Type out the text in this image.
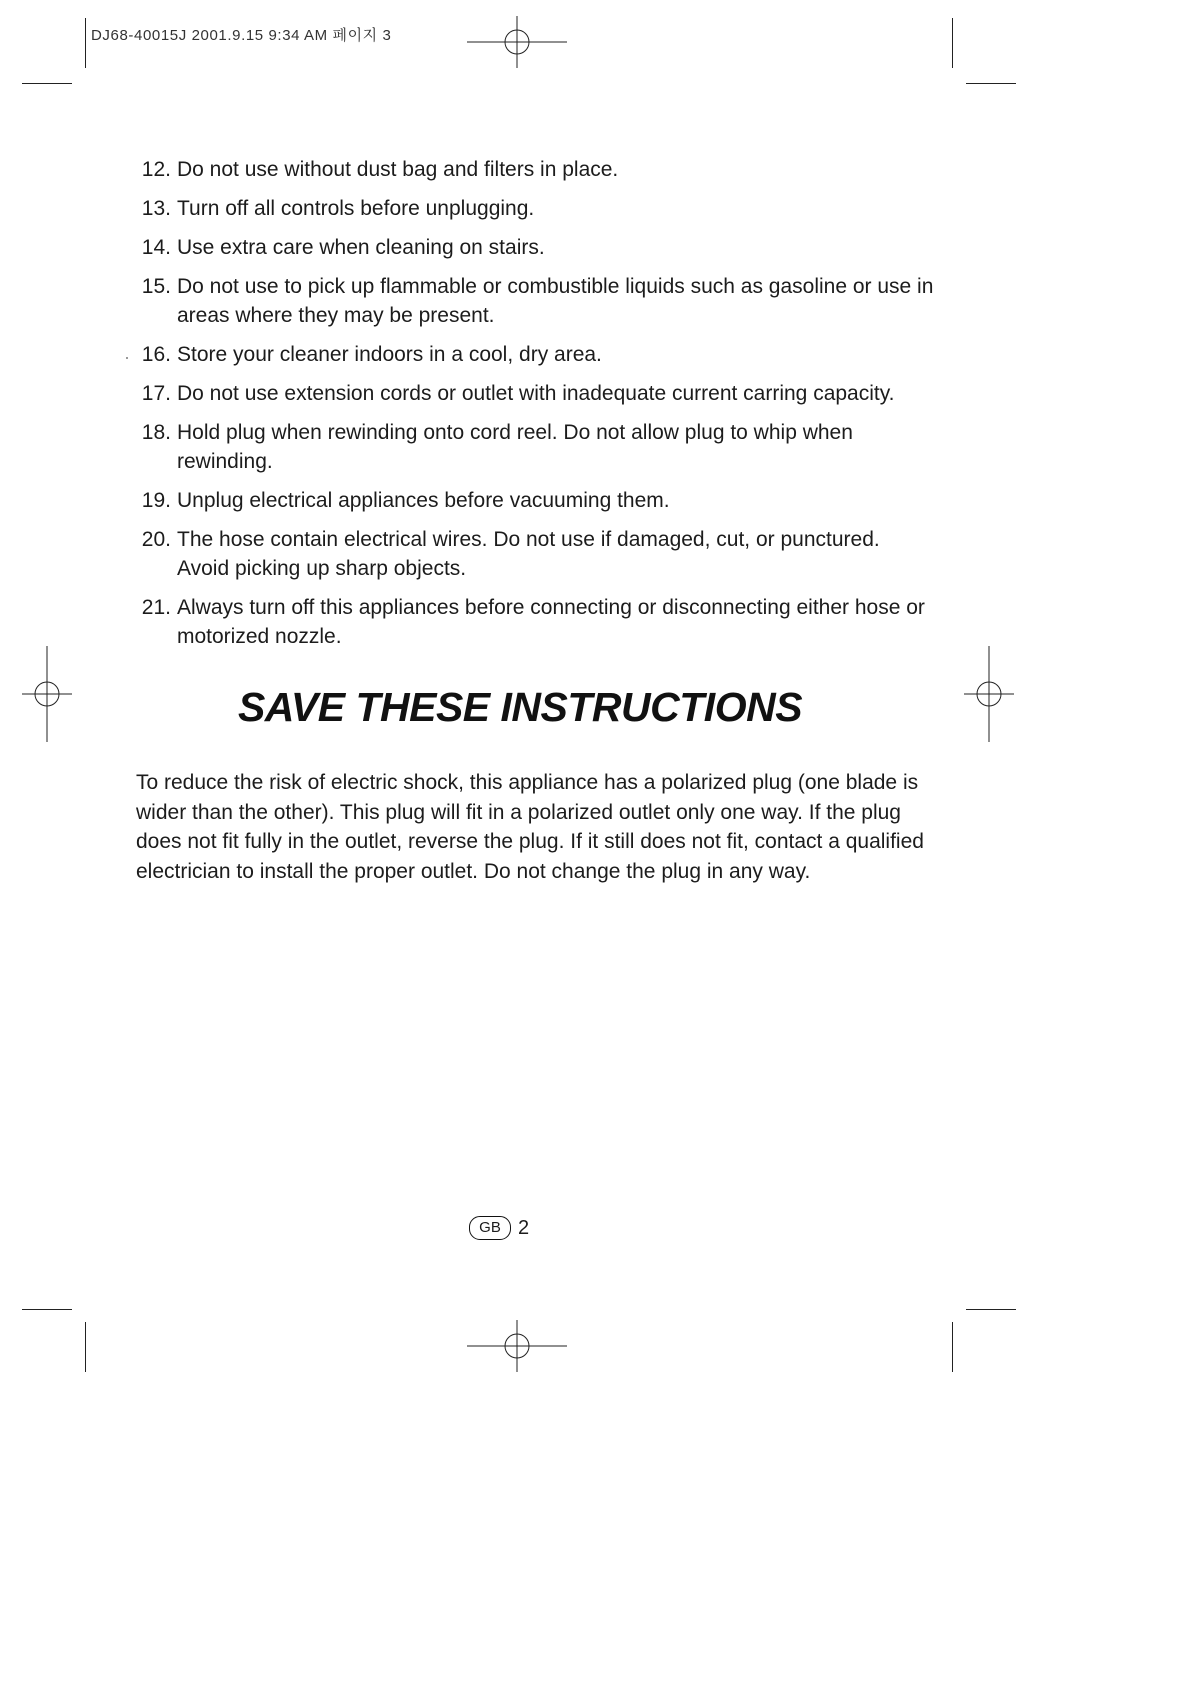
DJ68-40015J 2001.9.15 9:34 AM 페이지 3
12. Do not use without dust bag and filters in place.
13. Turn off all controls before unplugging.
14. Use extra care when cleaning on stairs.
15. Do not use to pick up flammable or combustible liquids such as gasoline or use in areas where they may be present.
16. Store your cleaner indoors in a cool, dry area.
17. Do not use extension cords or outlet with inadequate current carring capacity.
18. Hold plug when rewinding onto cord reel. Do not allow plug to whip when rewinding.
19. Unplug electrical appliances before vacuuming them.
20. The hose contain electrical wires. Do not use if damaged, cut, or punctured. Avoid picking up sharp objects.
21. Always turn off this appliances before connecting or disconnecting either hose or motorized nozzle.
SAVE THESE INSTRUCTIONS

To reduce the risk of electric shock, this appliance has a polarized plug (one blade is wider than the other). This plug will fit in a polarized outlet only one way. If the plug does not fit fully in the outlet, reverse the plug. If it still does not fit, contact a qualified electrician to install the proper outlet. Do not change the plug in any way.

GB 2
